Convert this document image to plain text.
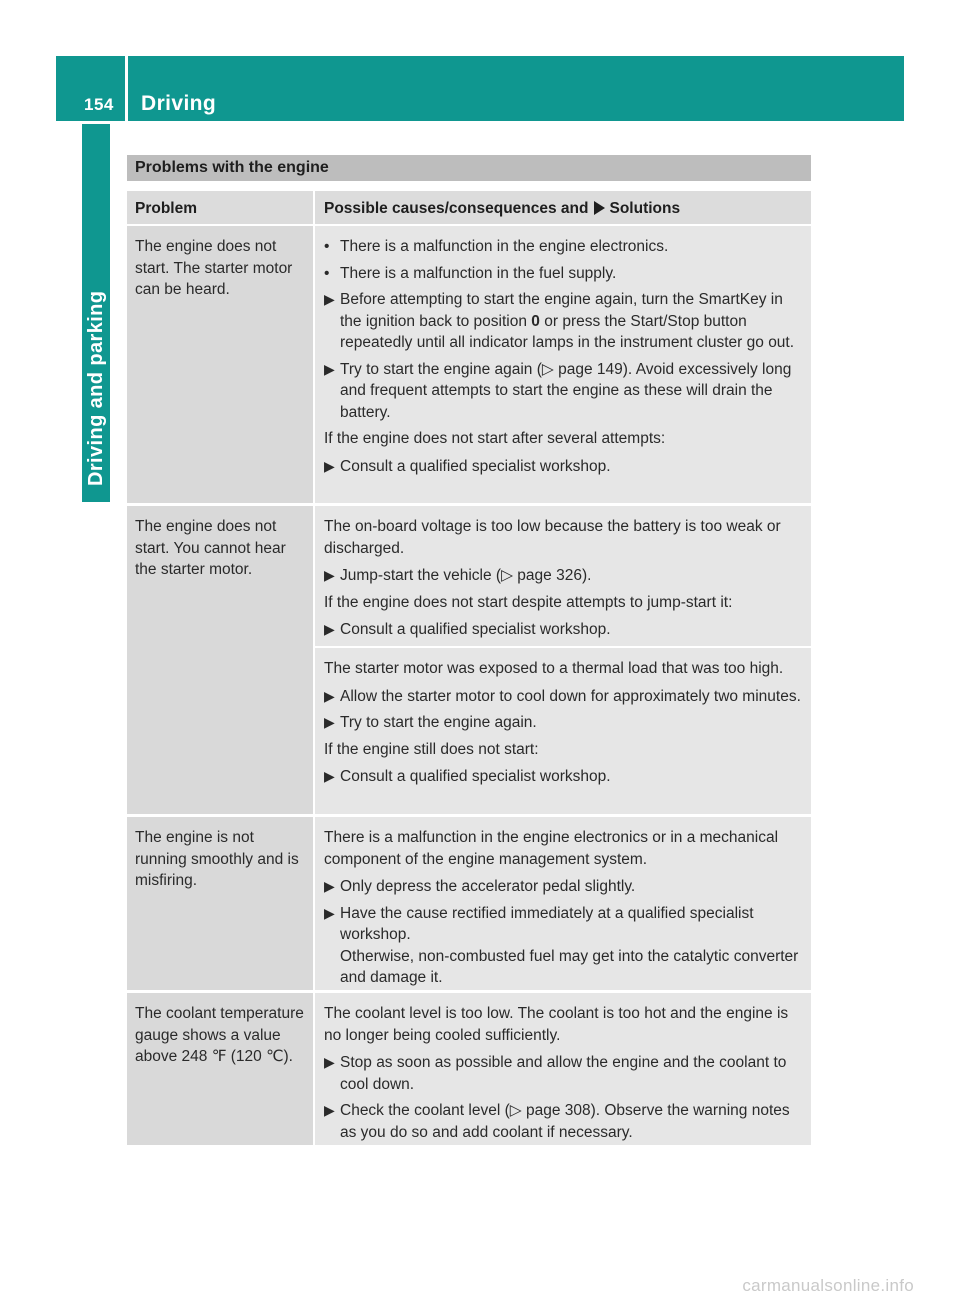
154	Driving
Driving and parking
Problems with the engine
Problem	Possible causes/consequences and Solutions
The engine does not start. The starter motor can be heard.
• There is a malfunction in the engine electronics.
• There is a malfunction in the fuel supply.
▶ Before attempting to start the engine again, turn the SmartKey in the ignition back to position 0 or press the Start/Stop button repeatedly until all indicator lamps in the instrument cluster go out.
▶ Try to start the engine again (▷ page 149). Avoid excessively long and frequent attempts to start the engine as these will drain the battery.
If the engine does not start after several attempts:
▶ Consult a qualified specialist workshop.
The engine does not start. You cannot hear the starter motor.
The on-board voltage is too low because the battery is too weak or discharged.
▶ Jump-start the vehicle (▷ page 326).
If the engine does not start despite attempts to jump-start it:
▶ Consult a qualified specialist workshop.
The starter motor was exposed to a thermal load that was too high.
▶ Allow the starter motor to cool down for approximately two minutes.
▶ Try to start the engine again.
If the engine still does not start:
▶ Consult a qualified specialist workshop.
The engine is not running smoothly and is misfiring.
There is a malfunction in the engine electronics or in a mechanical component of the engine management system.
▶ Only depress the accelerator pedal slightly.
▶ Have the cause rectified immediately at a qualified specialist workshop.
Otherwise, non-combusted fuel may get into the catalytic converter and damage it.
The coolant temperature gauge shows a value above 248 ℉ (120 ℃).
The coolant level is too low. The coolant is too hot and the engine is no longer being cooled sufficiently.
▶ Stop as soon as possible and allow the engine and the coolant to cool down.
▶ Check the coolant level (▷ page 308). Observe the warning notes as you do so and add coolant if necessary.
carmanualsonline.info
